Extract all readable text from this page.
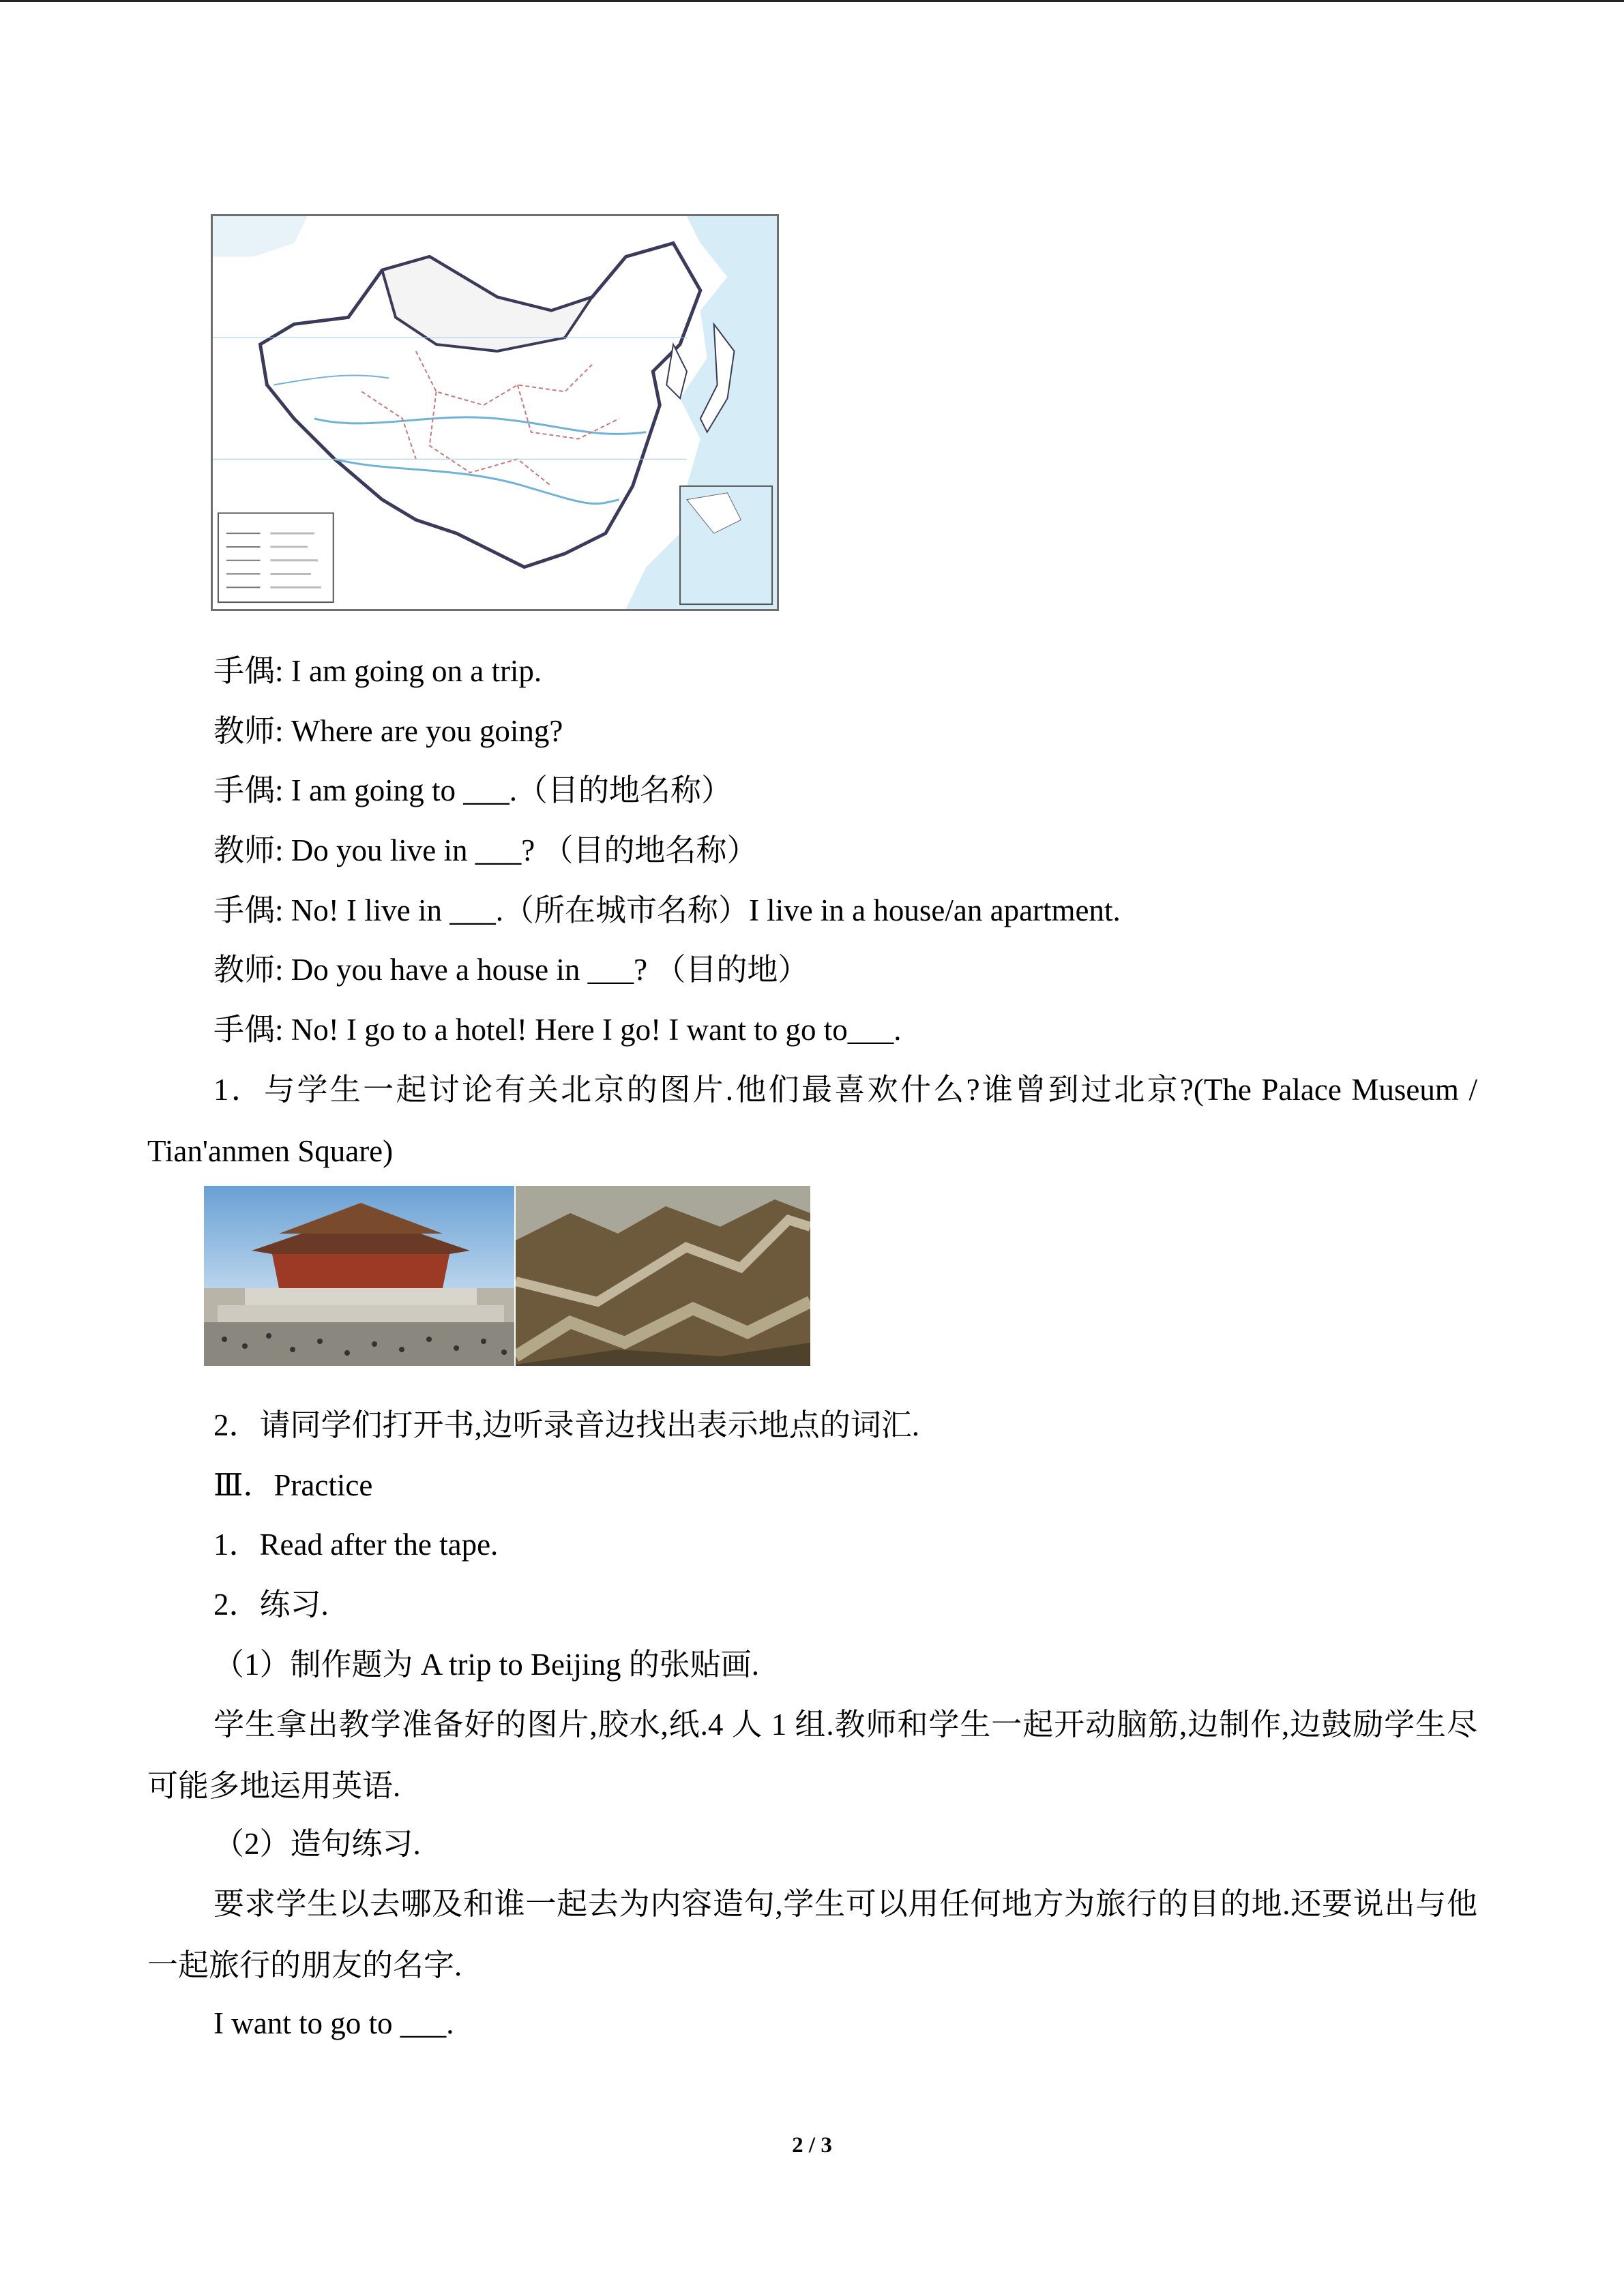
手偶: I am going on a trip.
教师: Where are you going?
手偶: I am going to ___.（目的地名称）
教师: Do you live in ___? （目的地名称）
手偶: No! I live in ___.（所在城市名称）I live in a house/an apartment.
教师: Do you have a house in ___? （目的地）
手偶: No! I go to a hotel! Here I go! I want to go to___.
1．与学生一起讨论有关北京的图片.他们最喜欢什么?谁曾到过北京?(The Palace Museum / Tian'anmen Square)
2．请同学们打开书,边听录音边找出表示地点的词汇.
Ⅲ．Practice
1．Read after the tape.
2．练习.
（1）制作题为 A trip to Beijing 的张贴画.
学生拿出教学准备好的图片,胶水,纸.4 人 1 组.教师和学生一起开动脑筋,边制作,边鼓励学生尽可能多地运用英语.
（2）造句练习.
要求学生以去哪及和谁一起去为内容造句,学生可以用任何地方为旅行的目的地.还要说出与他一起旅行的朋友的名字.
I want to go to ___.
2 / 3
